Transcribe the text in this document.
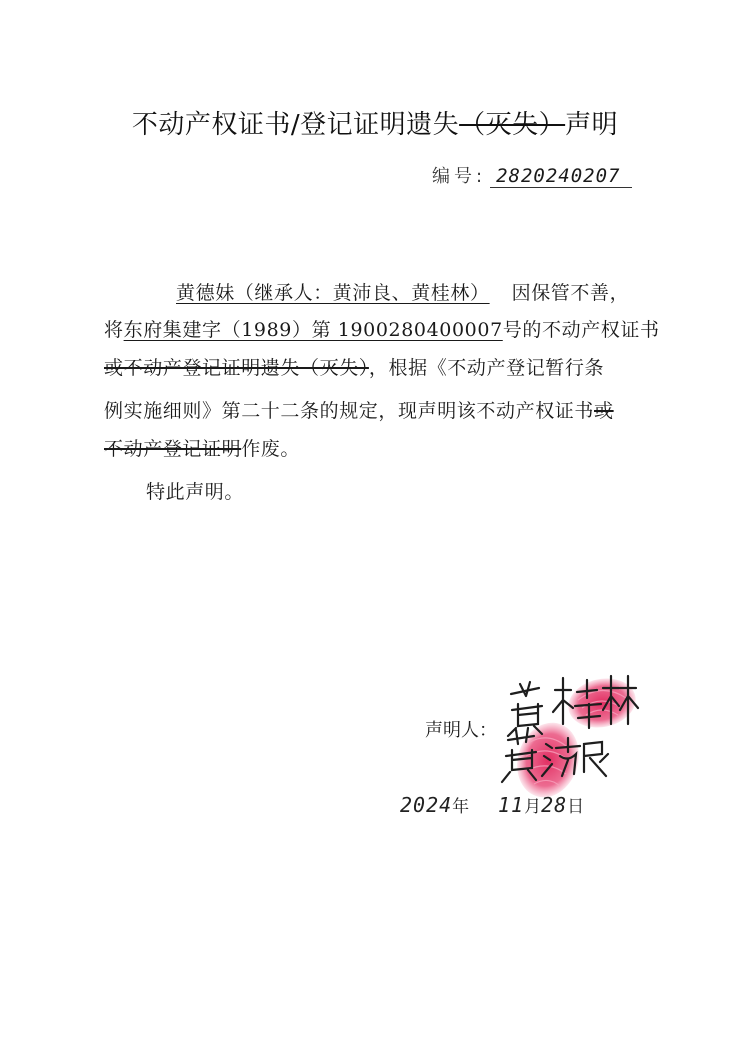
不动产权证书/登记证明遗失（灭失）声明
编号: 2820240207
黄德妹（继承人：黄沛良、黄桂林） 因保管不善，
将东府集建字（1989）第 1900280400007号的不动产权证书
或不动产登记证明遗失（灭失），根据《不动产登记暂行条
例实施细则》第二十二条的规定，现声明该不动产权证书或
不动产登记证明作废。
特此声明。
声明人：
2024年 11月28日
